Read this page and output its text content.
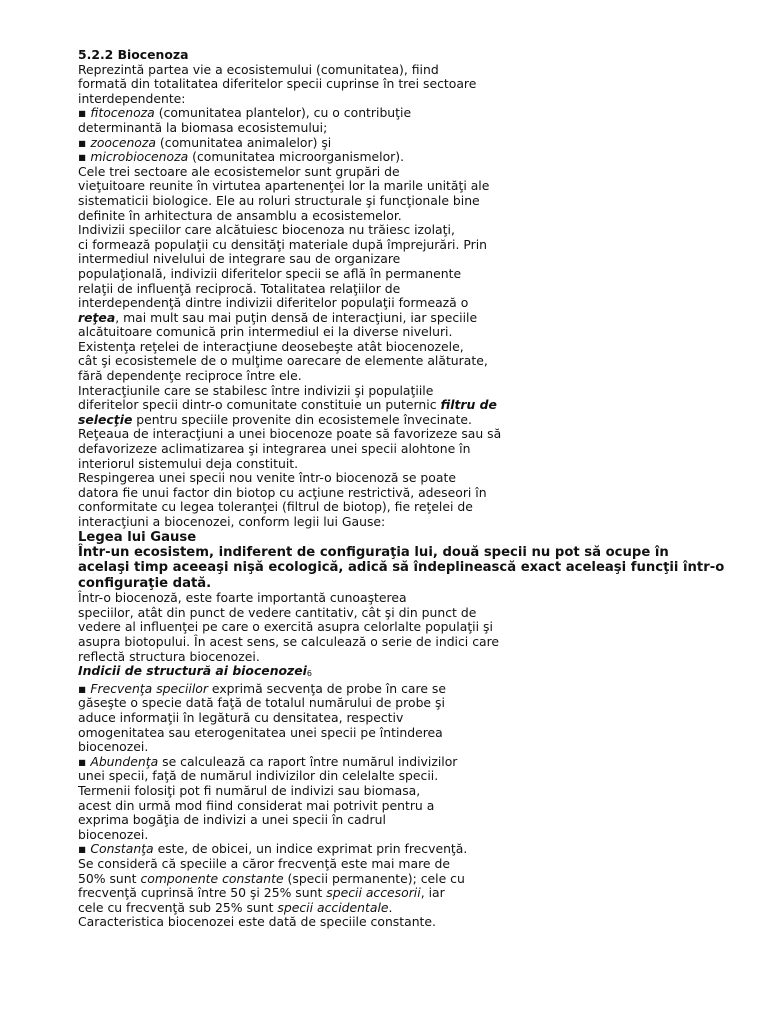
5.2.2 Biocenoza
Reprezintă partea vie a ecosistemului (comunitatea), fiind
formată din totalitatea diferitelor specii cuprinse în trei sectoare
interdependente:
▪ fitocenoza (comunitatea plantelor), cu o contribuţie
determinantă la biomasa ecosistemului;
▪ zoocenoza (comunitatea animalelor) şi
▪ microbiocenoza (comunitatea microorganismelor).
Cele trei sectoare ale ecosistemelor sunt grupări de
vieţuitoare reunite în virtutea apartenenţei lor la marile unităţi ale
sistematicii biologice. Ele au roluri structurale şi funcţionale bine
definite în arhitectura de ansamblu a ecosistemelor.
Indivizii speciilor care alcătuiesc biocenoza nu trăiesc izolaţi,
ci formează populaţii cu densităţi materiale după împrejurări. Prin
intermediul nivelului de integrare sau de organizare
populaţională, indivizii diferitelor specii se află în permanente
relaţii de influenţă reciprocă. Totalitatea relaţiilor de
interdependenţă dintre indivizii diferitelor populaţii formează o
reţea, mai mult sau mai puţin densă de interacţiuni, iar speciile
alcătuitoare comunică prin intermediul ei la diverse niveluri.
Existenţa reţelei de interacţiune deosebeşte atât biocenozele,
cât şi ecosistemele de o mulţime oarecare de elemente alăturate,
fără dependenţe reciproce între ele.
Interacţiunile care se stabilesc între indivizii şi populaţiile
diferitelor specii dintr-o comunitate constituie un puternic filtru de
selecţie pentru speciile provenite din ecosistemele învecinate.
Reţeaua de interacţiuni a unei biocenoze poate să favorizeze sau să
defavorizeze aclimatizarea şi integrarea unei specii alohtone în
interiorul sistemului deja constituit.
Respingerea unei specii nou venite într-o biocenoză se poate
datora fie unui factor din biotop cu acţiune restrictivă, adeseori în
conformitate cu legea toleranţei (filtrul de biotop), fie reţelei de
interacţiuni a biocenozei, conform legii lui Gause:
Legea lui Gause
Într-un ecosistem, indiferent de configuraţia lui, două specii nu pot să ocupe în
acelaşi timp aceeaşi nişă ecologică, adică să îndeplinească exact aceleaşi funcţii într-o
configuraţie dată.
Într-o biocenoză, este foarte importantă cunoaşterea
speciilor, atât din punct de vedere cantitativ, cât şi din punct de
vedere al influenţei pe care o exercită asupra celorlalte populaţii şi
asupra biotopului. În acest sens, se calculează o serie de indici care
reflectă structura biocenozei.
Indicii de structură ai biocenozei6
▪ Frecvenţa speciilor exprimă secvenţa de probe în care se
găseşte o specie dată faţă de totalul numărului de probe şi
aduce informaţii în legătură cu densitatea, respectiv
omogenitatea sau eterogenitatea unei specii pe întinderea
biocenozei.
▪ Abundenţa se calculează ca raport între numărul indivizilor
unei specii, faţă de numărul indivizilor din celelalte specii.
Termenii folosiţi pot fi numărul de indivizi sau biomasa,
acest din urmă mod fiind considerat mai potrivit pentru a
exprima bogăţia de indivizi a unei specii în cadrul
biocenozei.
▪ Constanţa este, de obicei, un indice exprimat prin frecvenţă.
Se consideră că speciile a căror frecvenţă este mai mare de
50% sunt componente constante (specii permanente); cele cu
frecvenţă cuprinsă între 50 şi 25% sunt specii accesorii, iar
cele cu frecvenţă sub 25% sunt specii accidentale.
Caracteristica biocenozei este dată de speciile constante.
